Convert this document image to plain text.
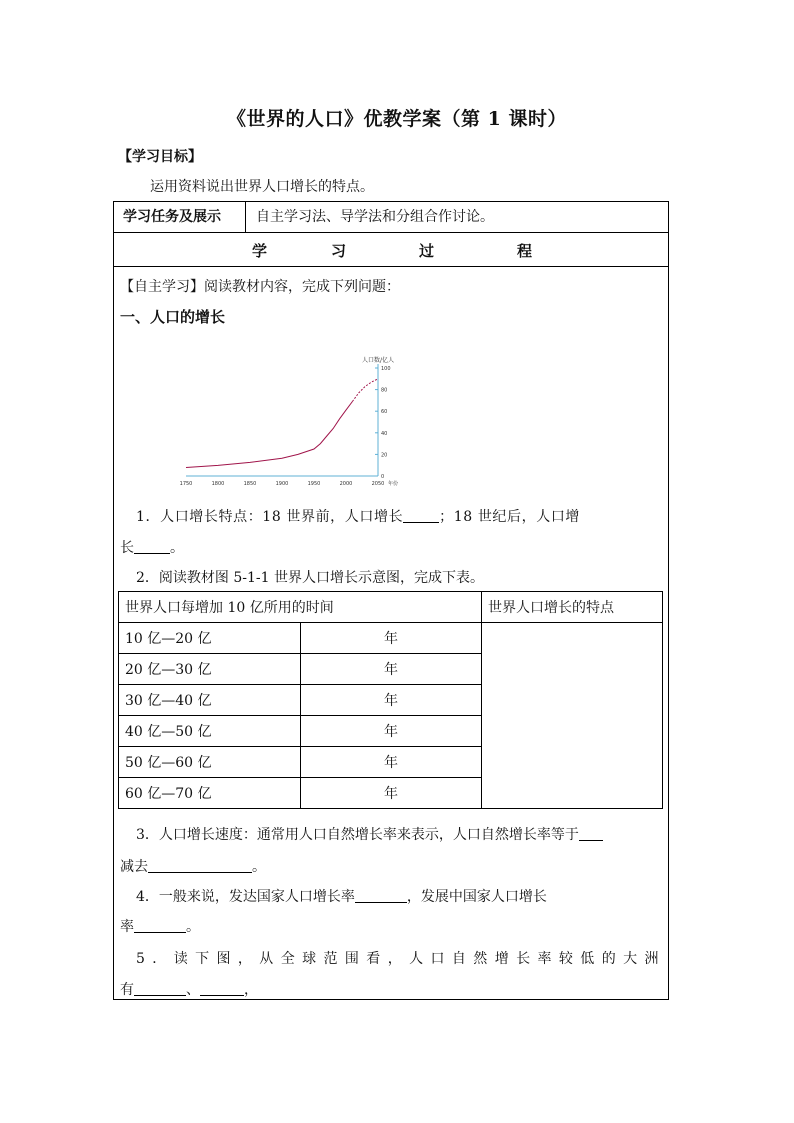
《世界的人口》优教学案（第 1 课时）
【学习目标】
运用资料说出世界人口增长的特点。
学习任务及展示	自主学习法、导学法和分组合作讨论。
学	习	过	程
【自主学习】阅读教材内容，完成下列问题：
一、人口的增长
0
20
40
60
80
100
1750	1800	1850	1900	1950	2000	2050 年份
人口数/亿人
1．人口增长特点：18 世界前，人口增长	；18 世纪后，人口增
长	。
2．阅读教材图 5-1-1 世界人口增长示意图，完成下表。
世界人口每增加 10 亿所用的时间		世界人口增长的特点
10 亿—20 亿	年	
20 亿—30 亿	年	
30 亿—40 亿	年	
40 亿—50 亿	年	
50 亿—60 亿	年	
60 亿—70 亿	年	
3．人口增长速度：通常用人口自然增长率来表示，人口自然增长率等于
减去	。
4．一般来说，发达国家人口增长率	，发展中国家人口增长
率	。
5．读下图，从全球范围看，人口自然增长率较低的大洲
有	、	，
